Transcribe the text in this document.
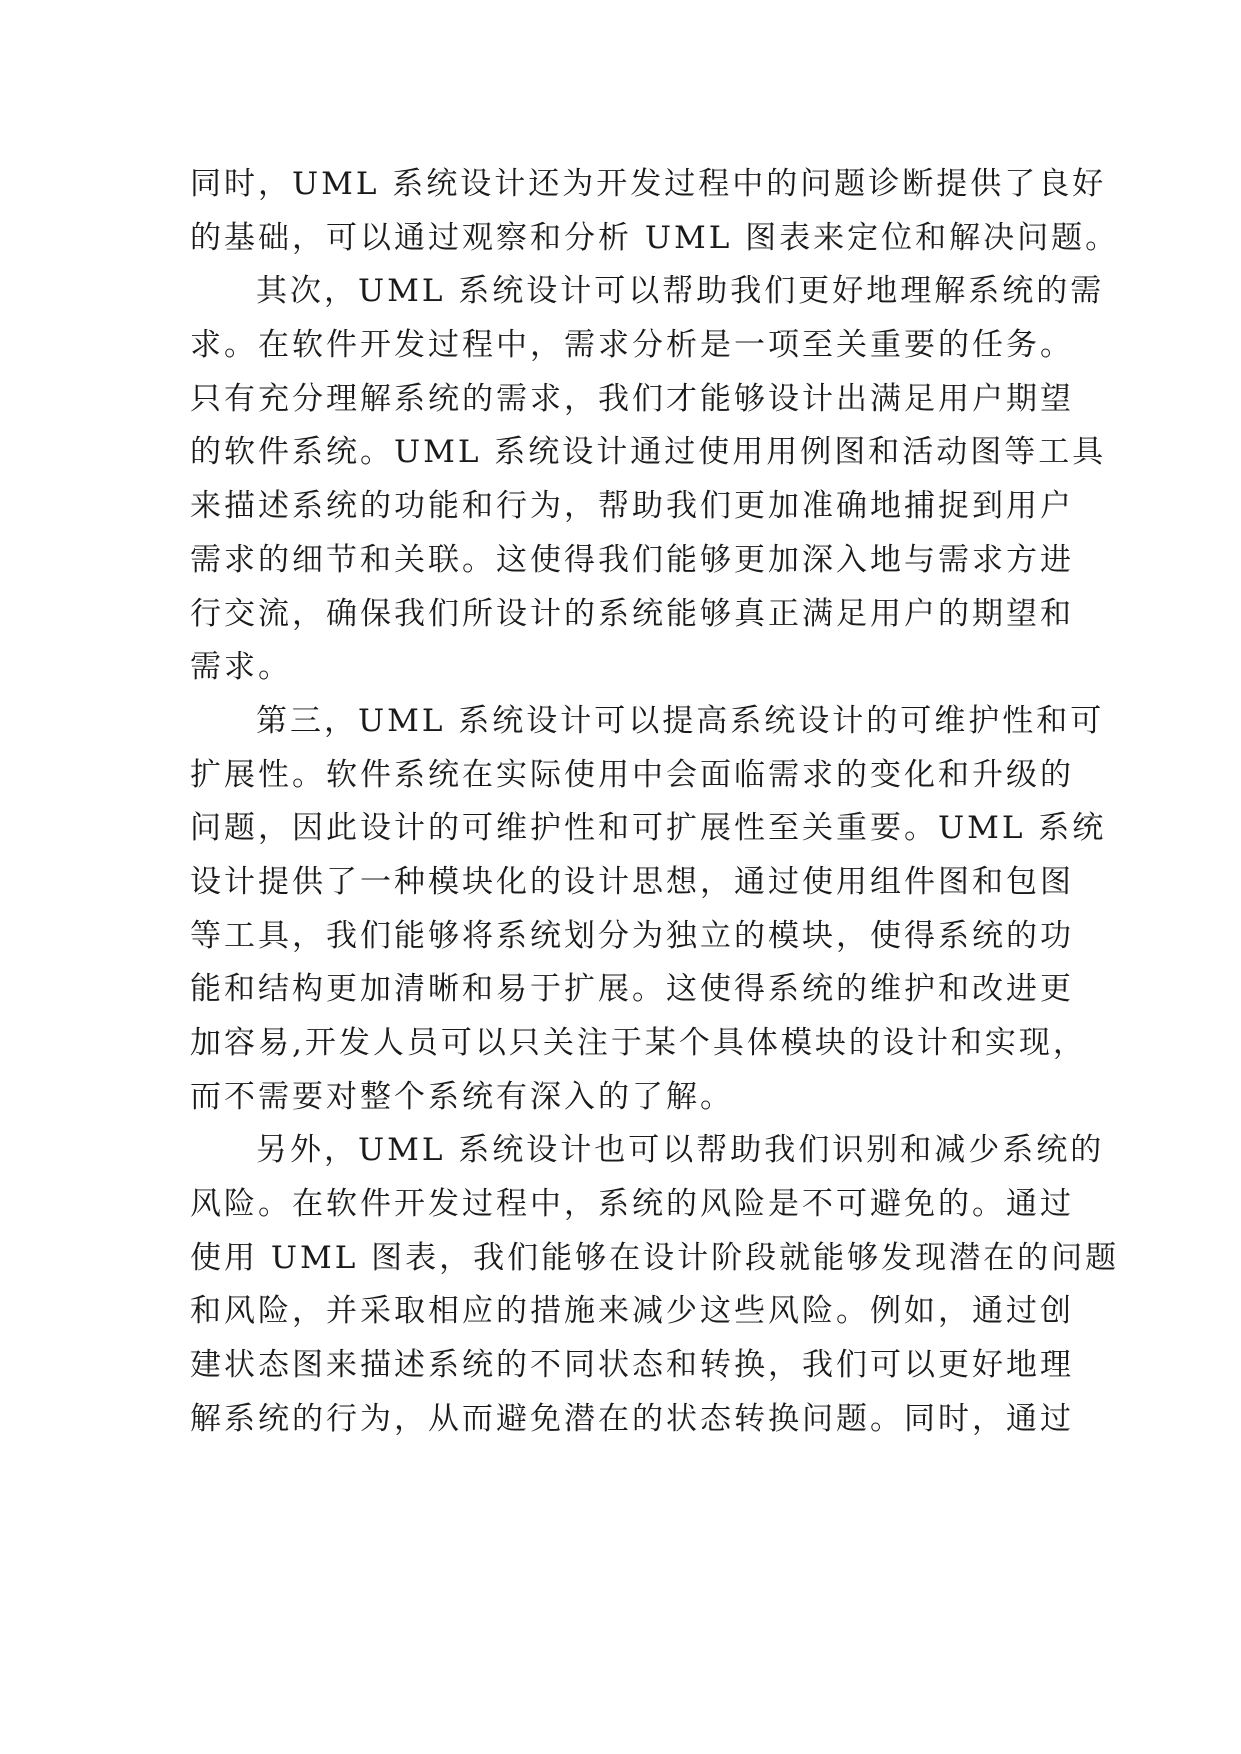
同时，UML 系统设计还为开发过程中的问题诊断提供了良好
的基础，可以通过观察和分析 UML 图表来定位和解决问题。
其次，UML 系统设计可以帮助我们更好地理解系统的需
求。在软件开发过程中，需求分析是一项至关重要的任务。
只有充分理解系统的需求，我们才能够设计出满足用户期望
的软件系统。UML 系统设计通过使用用例图和活动图等工具
来描述系统的功能和行为，帮助我们更加准确地捕捉到用户
需求的细节和关联。这使得我们能够更加深入地与需求方进
行交流，确保我们所设计的系统能够真正满足用户的期望和
需求。
第三，UML 系统设计可以提高系统设计的可维护性和可
扩展性。软件系统在实际使用中会面临需求的变化和升级的
问题，因此设计的可维护性和可扩展性至关重要。UML 系统
设计提供了一种模块化的设计思想，通过使用组件图和包图
等工具，我们能够将系统划分为独立的模块，使得系统的功
能和结构更加清晰和易于扩展。这使得系统的维护和改进更
加容易,开发人员可以只关注于某个具体模块的设计和实现，
而不需要对整个系统有深入的了解。
另外，UML 系统设计也可以帮助我们识别和减少系统的
风险。在软件开发过程中，系统的风险是不可避免的。通过
使用 UML 图表，我们能够在设计阶段就能够发现潜在的问题
和风险，并采取相应的措施来减少这些风险。例如，通过创
建状态图来描述系统的不同状态和转换，我们可以更好地理
解系统的行为，从而避免潜在的状态转换问题。同时，通过
